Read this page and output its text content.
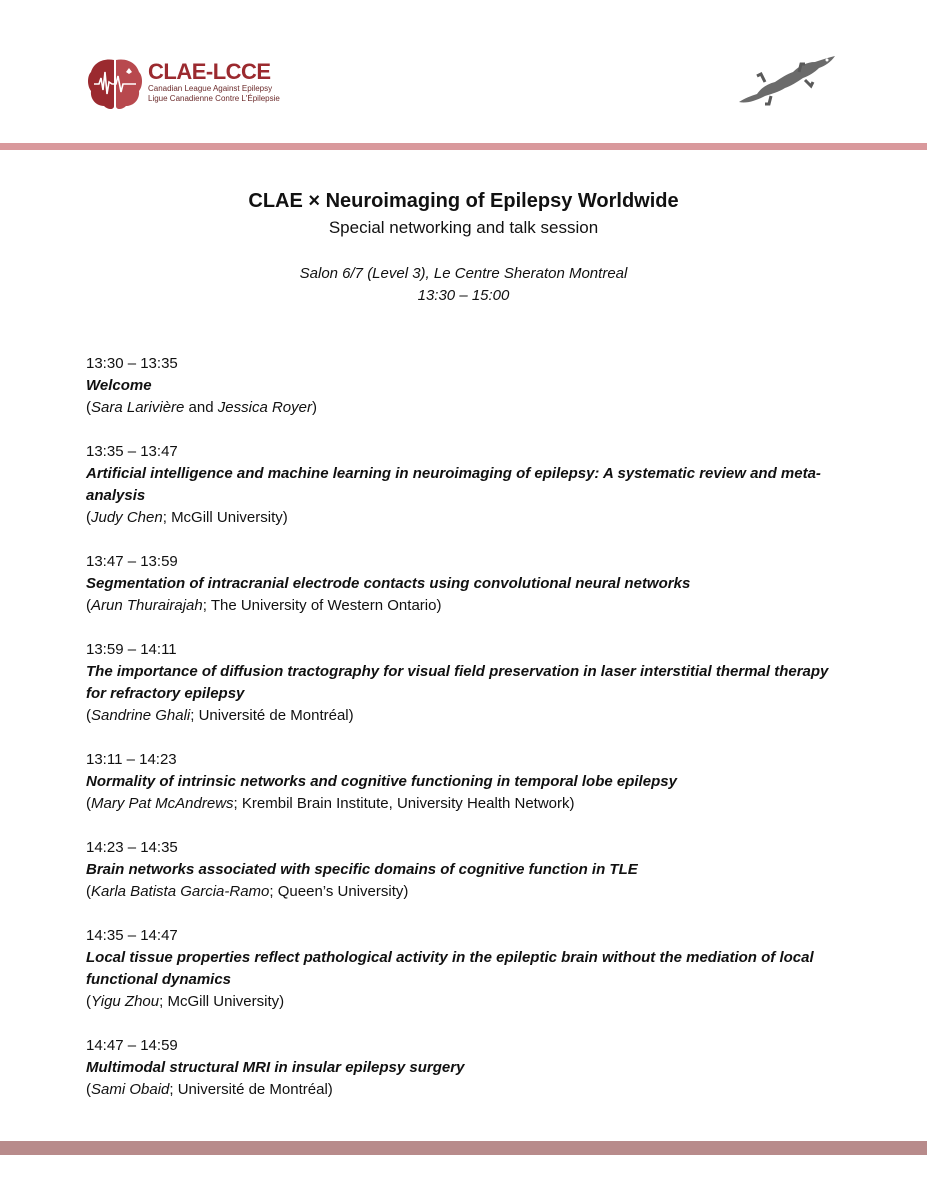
CLAE-LCCE
Canadian League Against Epilepsy
Ligue Canadienne Contre L'Épilepsie
CLAE × Neuroimaging of Epilepsy Worldwide
Special networking and talk session
Salon 6/7 (Level 3), Le Centre Sheraton Montreal
13:30 – 15:00
13:30 – 13:35
Welcome
(Sara Larivière and Jessica Royer)
13:35 – 13:47
Artificial intelligence and machine learning in neuroimaging of epilepsy: A systematic review and meta-analysis
(Judy Chen; McGill University)
13:47 – 13:59
Segmentation of intracranial electrode contacts using convolutional neural networks
(Arun Thurairajah; The University of Western Ontario)
13:59 – 14:11
The importance of diffusion tractography for visual field preservation in laser interstitial thermal therapy for refractory epilepsy
(Sandrine Ghali; Université de Montréal)
13:11 – 14:23
Normality of intrinsic networks and cognitive functioning in temporal lobe epilepsy
(Mary Pat McAndrews; Krembil Brain Institute, University Health Network)
14:23 – 14:35
Brain networks associated with specific domains of cognitive function in TLE
(Karla Batista Garcia-Ramo; Queen’s University)
14:35 – 14:47
Local tissue properties reflect pathological activity in the epileptic brain without the mediation of local functional dynamics
(Yigu Zhou; McGill University)
14:47 – 14:59
Multimodal structural MRI in insular epilepsy surgery
(Sami Obaid; Université de Montréal)
